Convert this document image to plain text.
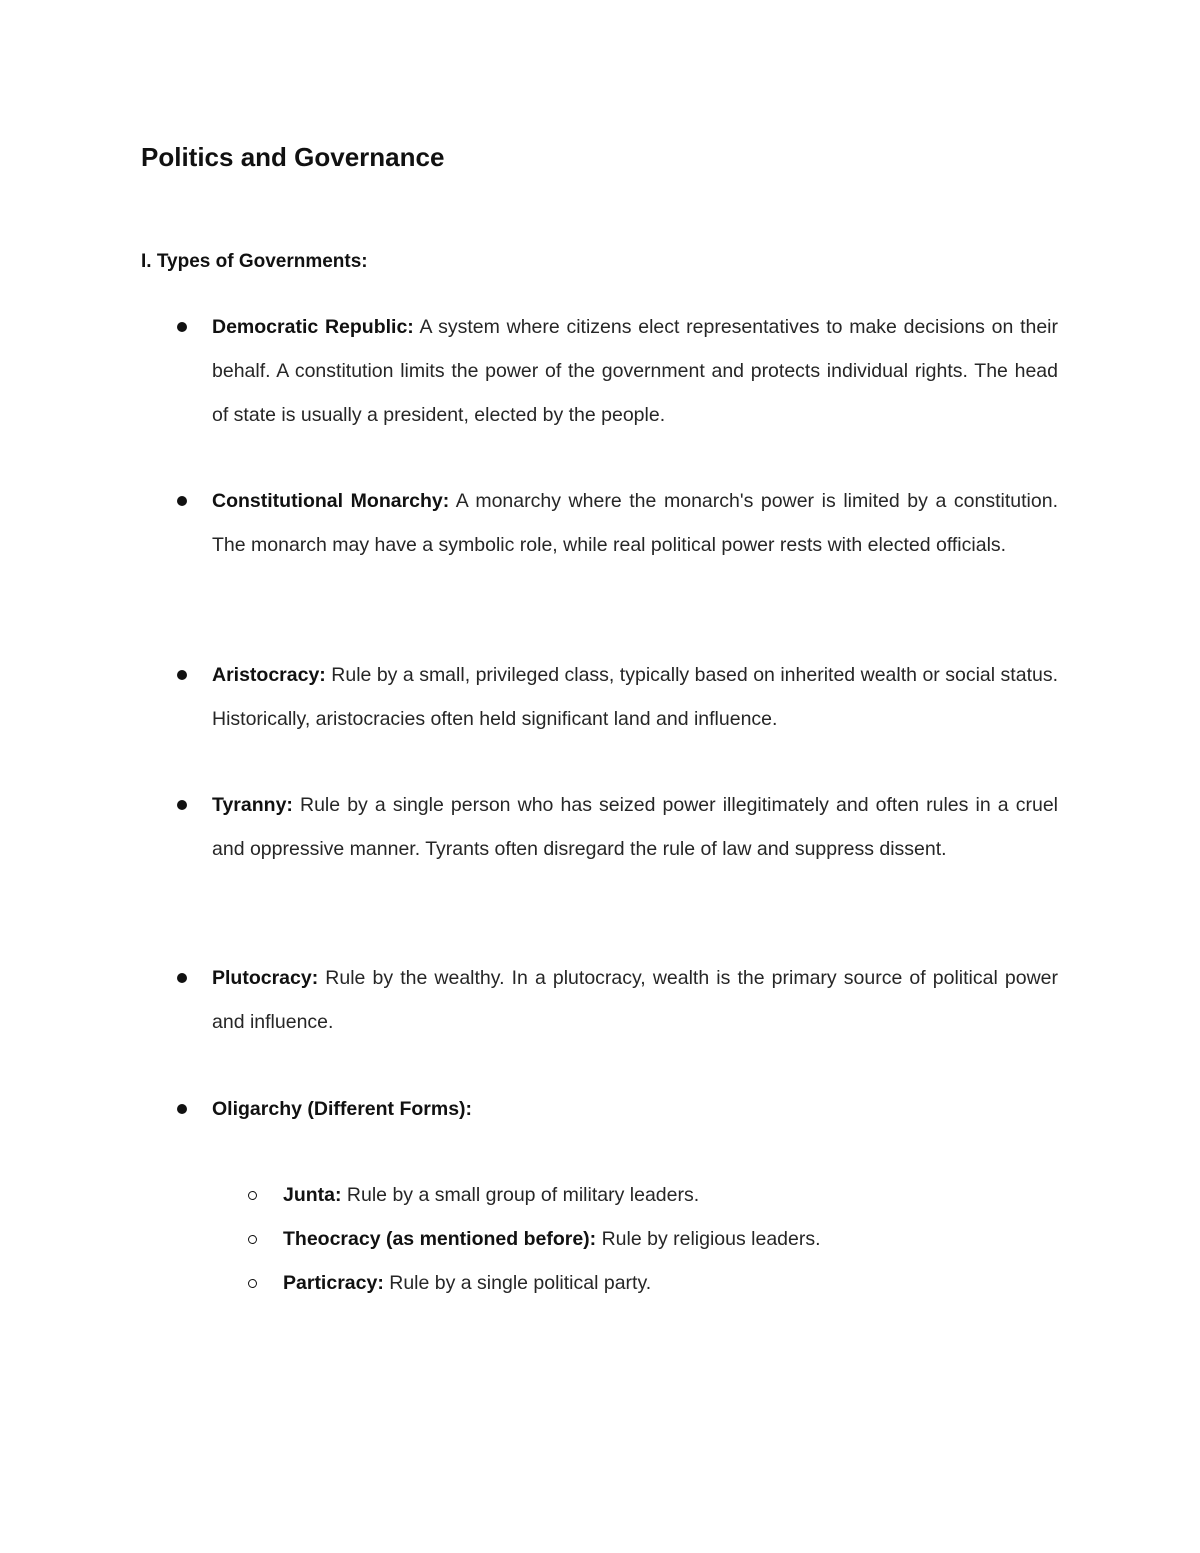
Politics and Governance
I. Types of Governments:
Democratic Republic: A system where citizens elect representatives to make decisions on their behalf. A constitution limits the power of the government and protects individual rights. The head of state is usually a president, elected by the people.
Constitutional Monarchy: A monarchy where the monarch's power is limited by a constitution. The monarch may have a symbolic role, while real political power rests with elected officials.
Aristocracy: Rule by a small, privileged class, typically based on inherited wealth or social status. Historically, aristocracies often held significant land and influence.
Tyranny: Rule by a single person who has seized power illegitimately and often rules in a cruel and oppressive manner. Tyrants often disregard the rule of law and suppress dissent.
Plutocracy: Rule by the wealthy. In a plutocracy, wealth is the primary source of political power and influence.
Oligarchy (Different Forms):
Junta: Rule by a small group of military leaders.
Theocracy (as mentioned before): Rule by religious leaders.
Particracy: Rule by a single political party.
